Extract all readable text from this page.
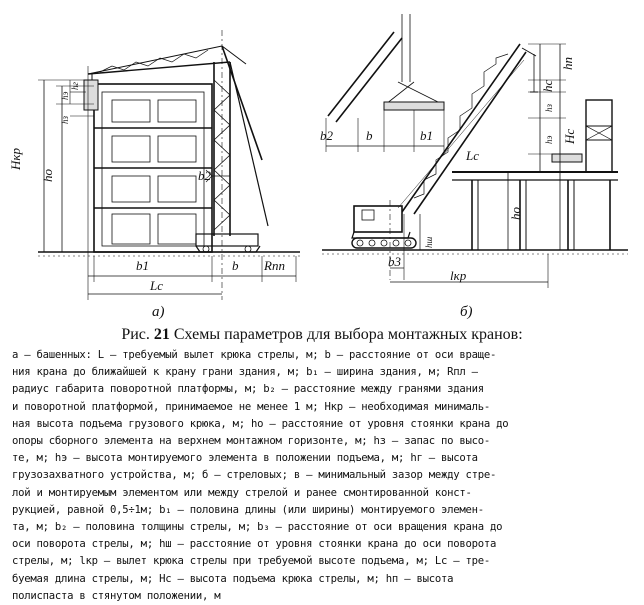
Hкр
ho
hз
hэ
hг
b2
b1	b Rпп
Lc
а)
b2	b	b1
hп
hc
hз
hэ Hc
ho
Lc
hш
b3
lкр
б)
Рис. 21 Схемы параметров для выбора монтажных кранов:

а — башенных: L — требуемый вылет крюка стрелы, м; b — расстояние от оси враще-

ния крана до ближайшей к крану грани здания, м; b₁ — ширина здания, м; Rпл —

радиус габарита поворотной платформы, м; b₂ — расстояние между гранями здания

и поворотной платформой, принимаемое не менее 1 м; Hкр — необходимая минималь-

ная высота подъема грузового крюка, м; hо — расстояние от уровня стоянки крана до

опоры сборного элемента на верхнем монтажном горизонте, м; hз — запас по высо-

те, м; hэ — высота монтируемого элемента в положении подъема, м; hг — высота

грузозахватного устройства, м; б — стреловых; в — минимальный зазор между стре-

лой и монтируемым элементом или между стрелой и ранее смонтированной конст-

рукцией, равной 0,5÷1м; b₁ — половина длины (или ширины) монтируемого элемен-

та, м; b₂ — половина толщины стрелы, м; b₃ — расстояние от оси вращения крана до

оси поворота стрелы, м; hш — расстояние от уровня стоянки крана до оси поворота

стрелы, м; lкр — вылет крюка стрелы при требуемой высоте подъема, м; Lс — тре-

буемая длина стрелы, м; Hс — высота подъема крюка стрелы, м; hп — высота

полиспаста в стянутом положении, м
